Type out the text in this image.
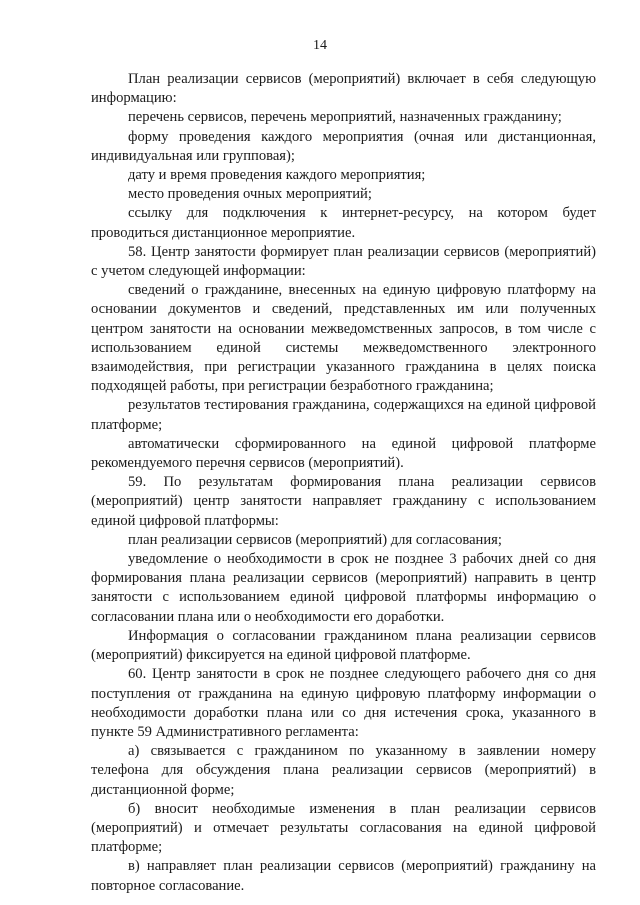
14

План реализации сервисов (мероприятий) включает в себя следующую информацию:

перечень сервисов, перечень мероприятий, назначенных гражданину;

форму проведения каждого мероприятия (очная или дистанционная, индивидуальная или групповая);

дату и время проведения каждого мероприятия;

место проведения очных мероприятий;

ссылку для подключения к интернет-ресурсу, на котором будет проводиться дистанционное мероприятие.

58. Центр занятости формирует план реализации сервисов (мероприятий) с учетом следующей информации:

сведений о гражданине, внесенных на единую цифровую платформу на основании документов и сведений, представленных им или полученных центром занятости на основании межведомственных запросов, в том числе с использованием единой системы межведомственного электронного взаимодействия, при регистрации указанного гражданина в целях поиска подходящей работы, при регистрации безработного гражданина;

результатов тестирования гражданина, содержащихся на единой цифровой платформе;

автоматически сформированного на единой цифровой платформе рекомендуемого перечня сервисов (мероприятий).

59. По результатам формирования плана реализации сервисов (мероприятий) центр занятости направляет гражданину с использованием единой цифровой платформы:

план реализации сервисов (мероприятий) для согласования;

уведомление о необходимости в срок не позднее 3 рабочих дней со дня формирования плана реализации сервисов (мероприятий) направить в центр занятости с использованием единой цифровой платформы информацию о согласовании плана или о необходимости его доработки.

Информация о согласовании гражданином плана реализации сервисов (мероприятий) фиксируется на единой цифровой платформе.

60. Центр занятости в срок не позднее следующего рабочего дня со дня поступления от гражданина на единую цифровую платформу информации о необходимости доработки плана или со дня истечения срока, указанного в пункте 59 Административного регламента:

а) связывается с гражданином по указанному в заявлении номеру телефона для обсуждения плана реализации сервисов (мероприятий) в дистанционной форме;

б) вносит необходимые изменения в план реализации сервисов (мероприятий) и отмечает результаты согласования на единой цифровой платформе;

в) направляет план реализации сервисов (мероприятий) гражданину на повторное согласование.
